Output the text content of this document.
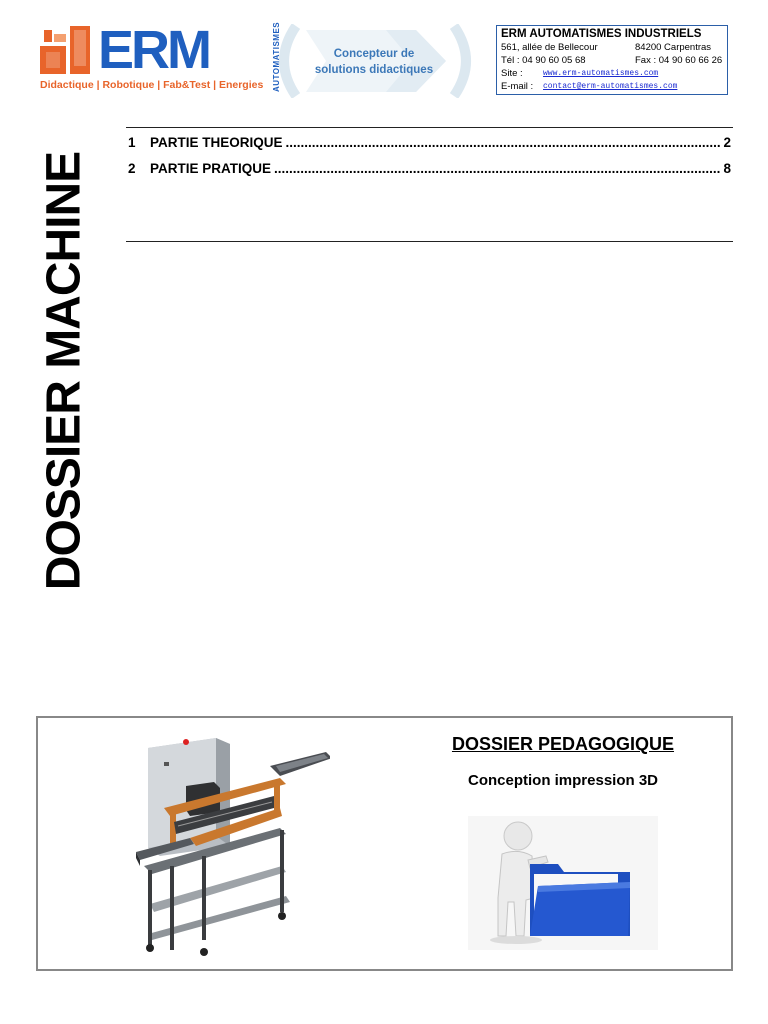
ERM	AUTOMATISMES
Didactique | Robotique | Fab&Test | Energies
Concepteur de
solutions didactiques
ERM AUTOMATISMES INDUSTRIELS
561, allée de Bellecour	84200 Carpentras
Tél : 04 90 60 05 68	Fax : 04 90 60 66 26
Site :	www.erm-automatismes.com
E-mail : contact@erm-automatismes.com
DOSSIER MACHINE
1	PARTIE THEORIQUE .....	2
2	PARTIE PRATIQUE .....	8
DOSSIER PEDAGOGIQUE
Conception impression 3D
